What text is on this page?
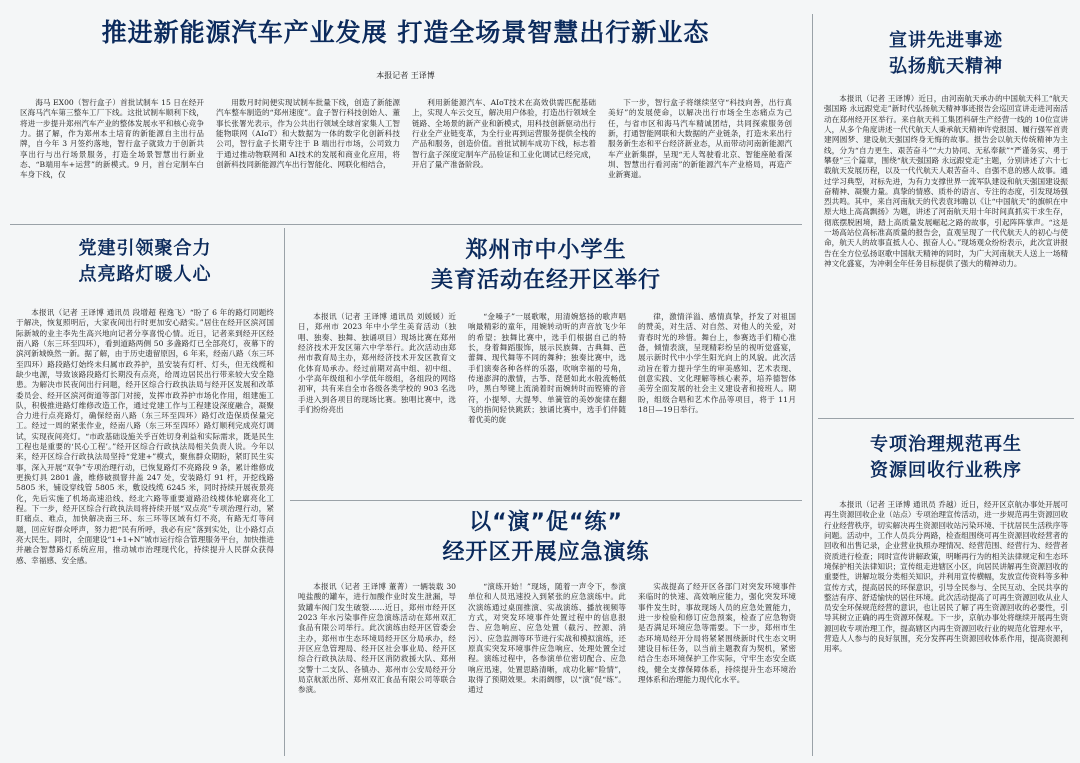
推进新能源汽车产业发展 打造全场景智慧出行新业态
本报记者 王译博

海马 EX00（智行盒子）首批试制车 15 日在经开区海马汽车第三整车工厂下线。这批试制车顺利下线，将进一步提升郑州汽车产业的整体发展水平和核心竞争力。据了解，作为郑州本土培育的新能源自主出行品牌，自今年 3 月签约落地，智行盒子就致力于创新共享出行与出行场景服务，打造全场景智慧出行新业态、“B端用车+运营”的新模式。9 月，首台定制车白车身下线，仅

用数月时间便实现试制车批量下线，创造了新能源汽车整车制造的“郑州速度”。盒子智行科技创始人、董事长张署光表示，作为公共出行领域全球首家集人工智能物联网（AIoT）和大数据为一体的数字化创新科技公司，智行盒子长期专注于 B 端出行市场，公司致力于通过推动物联网和 AI技术的发展和商业化应用，将创新科技同新能源汽车出行智能化、网联化相结合，

利用新能源汽车、AIoT技术在高效供需匹配基础上，实现人车云交互，解决用户体验，打造出行领域全链路、全场景的新产业和新模式，用科技创新驱动出行行业全产业链变革，为全行业再到运营服务提供全栈的产品和服务，创造价值。首批试制车成功下线，标志着智行盒子深度定制车产品验证和工业化调试已经完成，开启了量产准备阶段。

下一步，智行盒子将继续坚守“科技向善，出行真美好”的发展使命，以解决出行市场全生态痛点为己任，与省市区和海马汽车精诚团结，共同探索服务创新，打通智能网联和大数据的产业链条，打造未来出行服务新生态和平台经济新业态，从而带动河南新能源汽车产业新集群，呈现“无人驾驶看北京、智能座舱看深圳、智慧出行看河南”的新能源汽车产业格局，再造产业新赛道。

宣讲先进事迹
弘扬航天精神

本报讯（记者 王译博）近日，由河南航天承办的中国航天科工“航天强国路 永远跟党走”新时代弘扬航天精神事迹报告会巡回宣讲走进河南活动在郑州经开区举行。来自航天科工集团科研生产经营一线的 10位宣讲人，从多个角度讲述一代代航天人秉承航天精神许党报国、履行强军首责建网圆梦、建设航天强国终身无悔的故事。报告会以航天传统精神为主线，分为“自力更生、艰苦奋斗”“大力协同、无私奉献”“严谨务实、勇于攀登”三个篇章，围绕“航天强国路 永远跟党走”主题，分别讲述了六十七载航天发展历程，以及一代代航天人艰苦奋斗、自强不息的感人故事。通过学习典型，对标先进，为有力支撑世界一流军队建设和航天强国建设振奋精神、凝聚力量。真挚的情感、质朴的语言、专注的态度，引发现场强烈共鸣。其中，来自河南航天的代表袁玮瞻以《让“中国航天”的旗帜在中原大地上高高飘扬》为题，讲述了河南航天用十年时间真抓实干求生存，彻底摆脱困境，踏上高质量发展崛起之路的故事，引起阵阵掌声。“这是一场高站位高标准高质量的报告会，直观呈现了一代代航天人的初心与使命，航天人的故事直抵人心、振奋人心。”现场观众纷纷表示，此次宣讲报告在全方位弘扬讴歌中国航天精神的同时，为广大河南航天人送上一场精神文化盛宴，为冲刺全年任务目标提供了强大的精神动力。

党建引领聚合力
点亮路灯暖人心

本报讯（记者 王译博 通讯员 段增超 程逸飞）“盼了 6 年的路灯同题终于解决，恢复照明后，大家夜间出行时更加安心踏实。”居住在经开区滨河国际新城的业主李先生高兴地向记者分享喜悦心情。近日，记者来到经开区经南八路（东三环至四环），看到道路两侧 50 多盏路灯已全部亮灯，夜幕下的滨河新城焕然一新。据了解，由于历史遗留原因，6 年来，经南八路（东三环至四环）路段路灯始终未归属市政养护，虽安装有灯杆、灯头，但无线缆和缺少电源，导致该路段路灯长期没有点亮，给周边居民出行带来较大安全隐患。为解决市民夜间出行问题，经开区综合行政执法局与经开区发展和改革委员会、经开区滨河街道等部门对接，发挥市政养护市场化作用，组建施工队，积极推进路灯维修改造工作，通过党建工作与工程建设深度融合，凝聚合力进行点亮路灯，确保经南八路（东三环至四环）路灯改造保质保量完工。经过一周的紧张作业，经南八路（东三环至四环）路灯顺利完成亮灯调试，实现夜间亮灯。“市政基础设施关乎百姓切身利益和实际需求，既是民生工程也是重要的‘民心工程’。”经开区综合行政执法局相关负责人说。今年以来，经开区综合行政执法局坚持“党建+”模式，聚焦群众期盼，紧盯民生实事，深入开展“双争”专项治理行动，已恢复路灯不亮路段 9 条，累计维修成更换灯具 2801 盏，维修破损窨井盖 247 处，安装路灯 91 杆，开挖线路 5805 米，铺设穿线管 5805 米，敷设线缆 6245 米，同时持续开展夜景亮化，先后实施了机场高速沿线、经北六路等重要道路沿线楼体轮廓亮化工程。下一步，经开区综合行政执法局将持续开展“双点亮”专项治理行动，紧盯痛点、难点，加快解决南三环、东三环等区域有灯不亮，有路无灯等问题，回应好群众呼声，努力把“民有所呼，我必有应”落到实处，让小路灯点亮大民生。同时，全面建设“1+1+N”城市运行综合管理服务平台，加快推进并融合智慧路灯系统应用，推动城市治理现代化，持续提升人民群众获得感、幸福感、安全感。

郑州市中小学生
美育活动在经开区举行

本报讯（记者 王译博 通讯员 刘媛媛）近日，郑州市 2023 年中小学生美育活动（独唱、独奏、独舞、独诵项目）现场比赛在郑州经济技术开发区第六中学举行。此次活动由郑州市教育局主办，郑州经济技术开发区教育文化体育局承办。经过前期对高中组、初中组、小学高年级组和小学低年级组，各组段的网络初审，共有来自全市各级各类学校的 903 名选手进入到各项目的现场比赛。独唱比赛中，选手们纷纷亮出

“金嗓子”一展歌喉，用清婉悠扬的歌声唱响最精彩的童年，用婉转动听的声音放飞少年的希望；独舞比赛中，选手们根据自己的特长，身着舞蹈服饰，展示民族舞、古典舞、芭蕾舞、现代舞等不同的舞种；独奏比赛中，选手们演奏各种各样的乐器，吹响幸福的号角，传递澎湃的激情，古筝、琵琶如此水般流畅低吟，黑白琴键上流淌着时而婉转时而铿锵的音符，小提琴、大提琴、单簧管的美妙旋律在翻飞的指间轻快跳跃；独诵比赛中，选手们伴随着优美的旋

律，激情洋溢、感情真挚，抒发了对祖国的赞美，对生活、对自然、对他人的关爱，对青春时光的珍惜。舞台上，参赛选手们精心准备，倾情表演，呈现精彩纷呈的视听觉盛宴，展示新时代中小学生阳光向上的风貌。此次活动旨在着力提升学生的审美感知、艺术表现、创意实践、文化理解等核心素养，培养德智体美劳全面发展的社会主义建设者和接班人。期盼，组级合唱和艺术作品等项目，将于 11月18日—19日举行。

以“演”促“练”
经开区开展应急演练

本报讯（记者 王译博 董菁）一辆装载 30 吨盐酸的罐车，进行加酸作业时发生泄漏，导致罐车阀门发生破裂……近日，郑州市经开区 2023 年水污染事件应急演练活动在郑州双汇食品有限公司举行。此次演练由经开区管委会主办，郑州市生态环境局经开区分局承办，经开区应急管理局、经开区社会事业局、经开区综合行政执法局、经开区消防救援大队、郑州交警十二支队、各镇办、郑州市公安局经开分局京航派出所、郑州双汇食品有限公司等联合参演。

“演练开始！”现场，随着一声令下，参演单位和人员迅速投入到紧张的应急演练中。此次演练通过桌面推演、实战演练、播放视频等方式，对突发环境事件处置过程中的信息报告、应急响应、应急处置（截污、控源、消污）、应急监测等环节进行实战和模拟演练，还原真实突发环境事件应急响应、处理处置全过程。演练过程中，各参演单位密切配合、应急响应迅速，处置思路清晰，成功化解“险情”，取得了预期效果。未雨绸缪，以“演”促“练”。通过

实战提高了经开区各部门对突发环境事件来临时的快速、高效响应能力，强化突发环境事件发生时，事故现场人员的应急处置能力，进一步检验和修订应急预案，检查了应急物资是否满足环境应急等需要。下一步，郑州市生态环境局经开分局将紧紧围绕新时代生态文明建设目标任务，以当前主题教育为契机，紧密结合生态环境保护工作实际，守牢生态安全底线，健全支撑保障体系，持续提升生态环境治理体系和治理能力现代化水平。

专项治理规范再生
资源回收行业秩序

本报讯（记者 王译博 通讯员 乔越）近日，经开区京航办事处开展可再生资源回收企业（站点）专项治理宣传活动，进一步规范再生资源回收行业经营秩序，切实解决再生资源回收站污染环境、干扰居民生活秩序等问题。活动中，工作人员兵分两路，检查组围绕可再生资源回收经营者的回收和出售记录，企业营业执照办理情况、经营范围、经营行为、经营者资质进行检查；同时宣传讲解政策，明晰再行为的相关法律规定和生态环境保护相关法律知识；宣传组走进辖区小区，向居民讲解再生资源回收的重要性，讲解垃圾分类相关知识，并利用宣传横幅，发放宣传资料等多种宣传方式，提高居民的环保意识，引导全民参与、全民互动、全民共享的整洁有序、舒适愉快的居住环境。此次活动提高了可再生资源回收从业人员安全环保规范经营的意识，也让居民了解了再生资源回收的必要性，引导其树立正确的再生资源环保观。下一步，京航办事处将继续开展再生资源回收专项治理工作，提高辖区内再生资源回收行业的规范化管理水平，营造人人参与的良好氛围，充分发挥再生资源回收体系作用，提高资源利用率。
